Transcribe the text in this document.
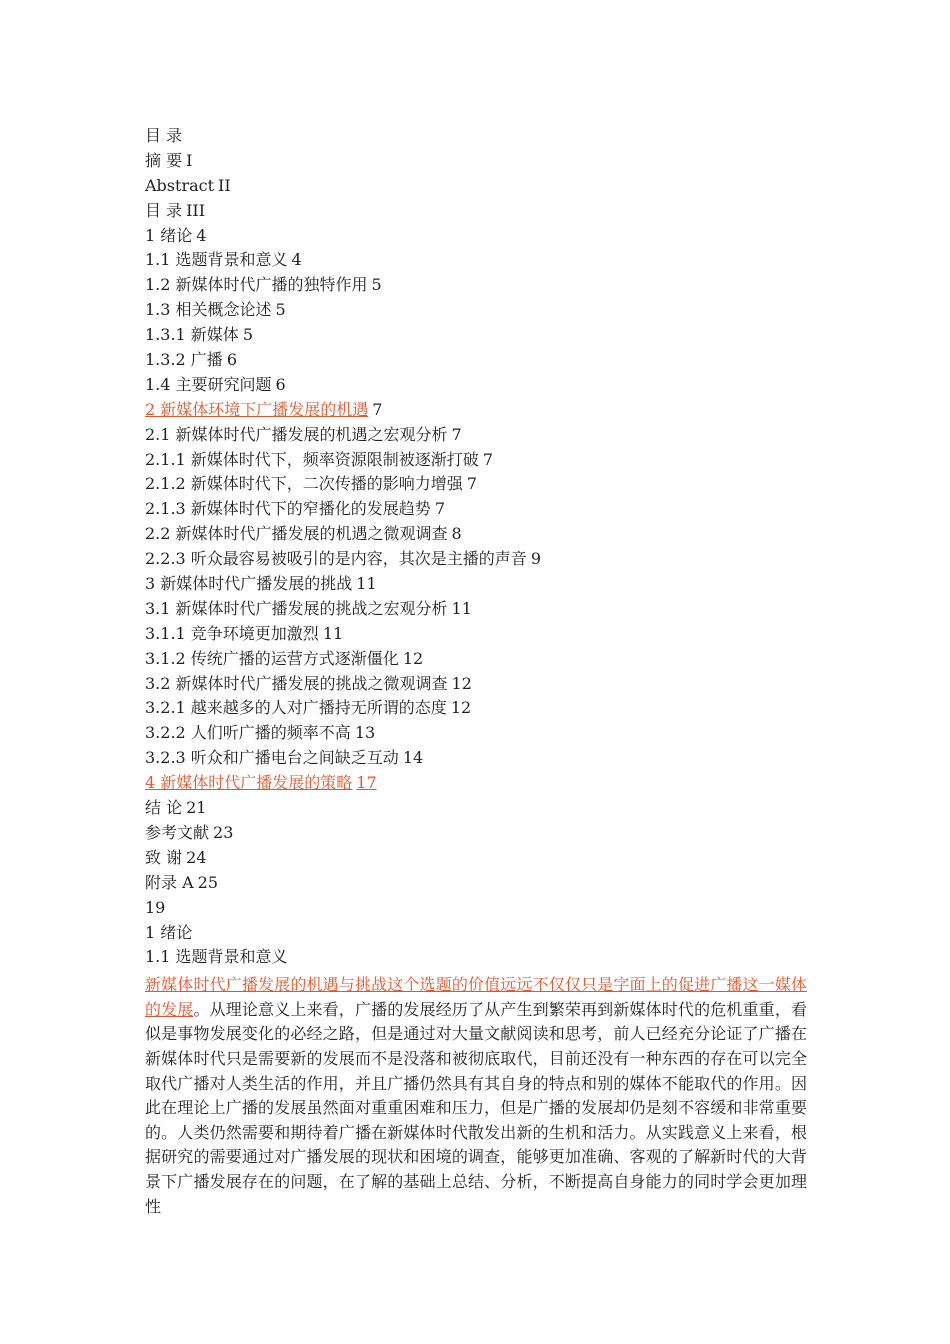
目 录
摘 要 I
Abstract II
目 录 III
1 绪论 4
1.1 选题背景和意义 4
1.2 新媒体时代广播的独特作用 5
1.3 相关概念论述 5
1.3.1 新媒体 5
1.3.2 广播 6
1.4 主要研究问题 6
2 新媒体环境下广播发展的机遇 7
2.1 新媒体时代广播发展的机遇之宏观分析 7
2.1.1 新媒体时代下，频率资源限制被逐渐打破 7
2.1.2 新媒体时代下，二次传播的影响力增强 7
2.1.3 新媒体时代下的窄播化的发展趋势 7
2.2 新媒体时代广播发展的机遇之微观调查 8
2.2.3 听众最容易被吸引的是内容，其次是主播的声音 9
3 新媒体时代广播发展的挑战 11
3.1 新媒体时代广播发展的挑战之宏观分析 11
3.1.1 竞争环境更加激烈 11
3.1.2 传统广播的运营方式逐渐僵化 12
3.2 新媒体时代广播发展的挑战之微观调查 12
3.2.1 越来越多的人对广播持无所谓的态度 12
3.2.2 人们听广播的频率不高 13
3.2.3 听众和广播电台之间缺乏互动 14
4 新媒体时代广播发展的策略 17
结 论 21
参考文献 23
致 谢 24
附录 A 25
19
1 绪论
1.1 选题背景和意义
新媒体时代广播发展的机遇与挑战这个选题的价值远远不仅仅只是字面上的促进广播这一媒体的发展。从理论意义上来看，广播的发展经历了从产生到繁荣再到新媒体时代的危机重重，看似是事物发展变化的必经之路，但是通过对大量文献阅读和思考，前人已经充分论证了广播在新媒体时代只是需要新的发展而不是没落和被彻底取代，目前还没有一种东西的存在可以完全取代广播对人类生活的作用，并且广播仍然具有其自身的特点和别的媒体不能取代的作用。因此在理论上广播的发展虽然面对重重困难和压力，但是广播的发展却仍是刻不容缓和非常重要的。人类仍然需要和期待着广播在新媒体时代散发出新的生机和活力。从实践意义上来看，根据研究的需要通过对广播发展的现状和困境的调查，能够更加准确、客观的了解新时代的大背景下广播发展存在的问题，在了解的基础上总结、分析，不断提高自身能力的同时学会更加理性
